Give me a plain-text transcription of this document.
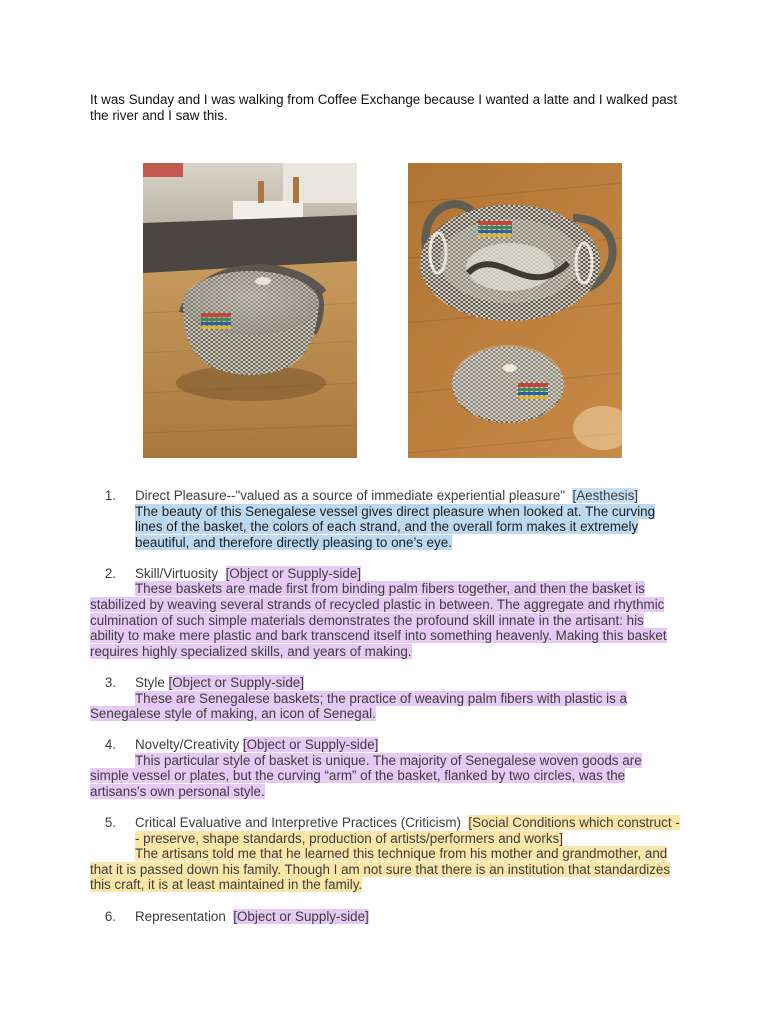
It was Sunday and I was walking from Coffee Exchange because I wanted a latte and I walked past the river and I saw this.
1.	Direct Pleasure--"valued as a source of immediate experiential pleasure" [Aesthesis]
The beauty of this Senegalese vessel gives direct pleasure when looked at. The curving lines of the basket, the colors of each strand, and the overall form makes it extremely beautiful, and therefore directly pleasing to one’s eye.
2.	Skill/Virtuosity [Object or Supply-side]
These baskets are made first from binding palm fibers together, and then the basket is stabilized by weaving several strands of recycled plastic in between. The aggregate and rhythmic culmination of such simple materials demonstrates the profound skill innate in the artisant: his ability to make mere plastic and bark transcend itself into something heavenly. Making this basket requires highly specialized skills, and years of making.
3.	Style [Object or Supply-side]
These are Senegalese baskets; the practice of weaving palm fibers with plastic is a Senegalese style of making, an icon of Senegal.
4.	Novelty/Creativity [Object or Supply-side]
This particular style of basket is unique. The majority of Senegalese woven goods are simple vessel or plates, but the curving “arm” of the basket, flanked by two circles, was the artisans’s own personal style.
5.	Critical Evaluative and Interpretive Practices (Criticism) [Social Conditions which construct -- preserve, shape standards, production of artists/performers and works]
The artisans told me that he learned this technique from his mother and grandmother, and that it is passed down his family. Though I am not sure that there is an institution that standardizes this craft, it is at least maintained in the family.
6.	Representation [Object or Supply-side]
